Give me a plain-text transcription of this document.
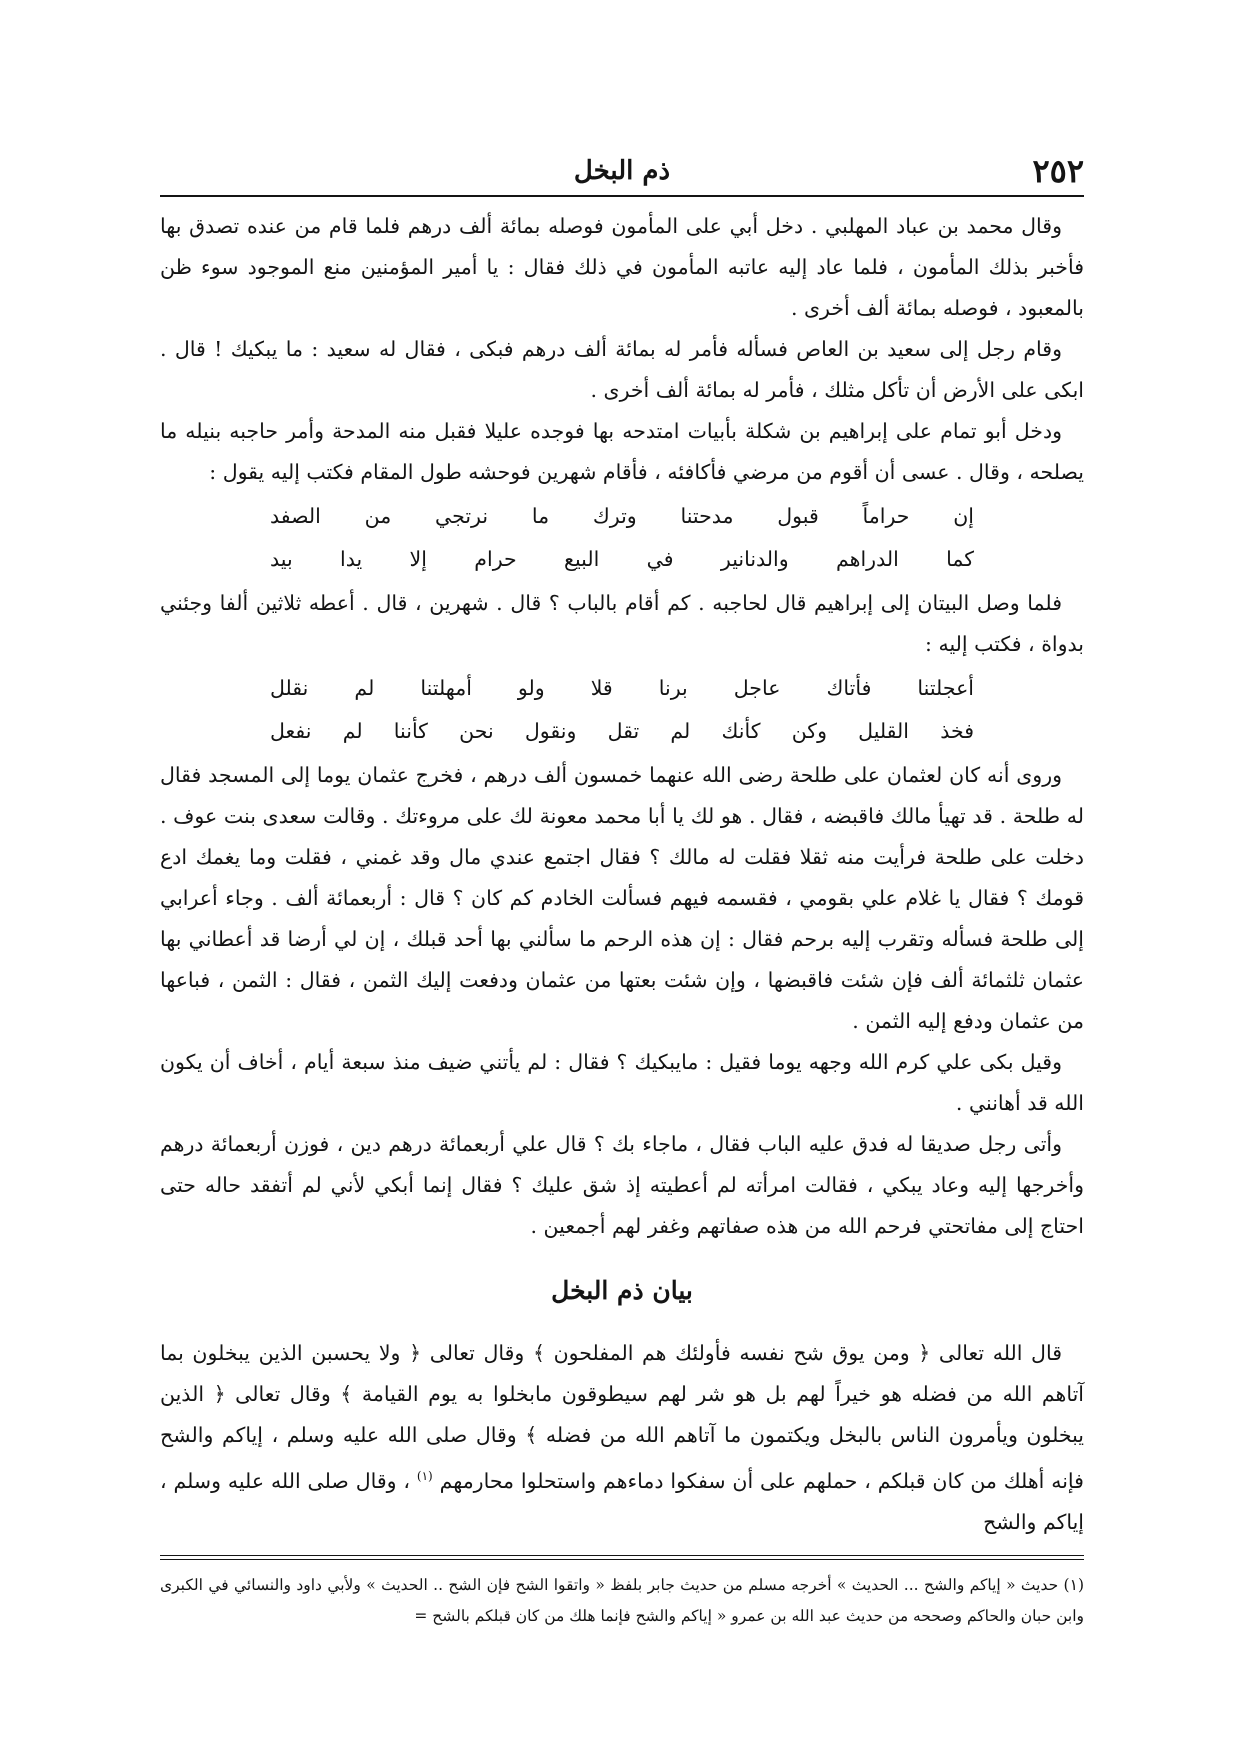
٢٥٢
ذم البخل

وقال محمد بن عباد المهلبي . دخل أبي على المأمون فوصله بمائة ألف درهم فلما قام من عنده تصدق بها فأخبر بذلك المأمون ، فلما عاد إليه عاتبه المأمون في ذلك فقال : يا أمير المؤمنين منع الموجود سوء ظن بالمعبود ، فوصله بمائة ألف أخرى .

وقام رجل إلى سعيد بن العاص فسأله فأمر له بمائة ألف درهم فبكى ، فقال له سعيد : ما يبكيك ! قال . ابكى على الأرض أن تأكل مثلك ، فأمر له بمائة ألف أخرى .

ودخل أبو تمام على إبراهيم بن شكلة بأبيات امتدحه بها فوجده عليلا فقبل منه المدحة وأمر حاجبه بنيله ما يصلحه ، وقال . عسى أن أقوم من مرضي فأكافئه ، فأقام شهرين فوحشه طول المقام فكتب إليه يقول :

إن حراماً قبول مدحتنا وترك ما نرتجي من الصفد

كما الدراهم والدنانير في البيع حرام إلا يدا بيد

فلما وصل البيتان إلى إبراهيم قال لحاجبه . كم أقام بالباب ؟ قال . شهرين ، قال . أعطه ثلاثين ألفا وجئني بدواة ، فكتب إليه :

أعجلتنا فأتاك عاجل برنا قلا ولو أمهلتنا لم نقلل

فخذ القليل وكن كأنك لم تقل ونقول نحن كأننا لم نفعل

وروى أنه كان لعثمان على طلحة رضى الله عنهما خمسون ألف درهم ، فخرج عثمان يوما إلى المسجد فقال له طلحة . قد تهيأ مالك فاقبضه ، فقال . هو لك يا أبا محمد معونة لك على مروءتك . وقالت سعدى بنت عوف . دخلت على طلحة فرأيت منه ثقلا فقلت له مالك ؟ فقال اجتمع عندي مال وقد غمني ، فقلت وما يغمك ادع قومك ؟ فقال يا غلام علي بقومي ، فقسمه فيهم فسألت الخادم كم كان ؟ قال : أربعمائة ألف . وجاء أعرابي إلى طلحة فسأله وتقرب إليه برحم فقال : إن هذه الرحم ما سألني بها أحد قبلك ، إن لي أرضا قد أعطاني بها عثمان ثلثمائة ألف فإن شئت فاقبضها ، وإن شئت بعتها من عثمان ودفعت إليك الثمن ، فقال : الثمن ، فباعها من عثمان ودفع إليه الثمن .

وقيل بكى علي كرم الله وجهه يوما فقيل : مايبكيك ؟ فقال : لم يأتني ضيف منذ سبعة أيام ، أخاف أن يكون الله قد أهانني .

وأتى رجل صديقا له فدق عليه الباب فقال ، ماجاء بك ؟ قال علي أربعمائة درهم دين ، فوزن أربعمائة درهم وأخرجها إليه وعاد يبكي ، فقالت امرأته لم أعطيته إذ شق عليك ؟ فقال إنما أبكي لأني لم أتفقد حاله حتى احتاج إلى مفاتحتي فرحم الله من هذه صفاتهم وغفر لهم أجمعين .

بيان ذم البخل

قال الله تعالى ﴿ ومن يوق شح نفسه فأولئك هم المفلحون ﴾ وقال تعالى ﴿ ولا يحسبن الذين يبخلون بما آتاهم الله من فضله هو خيراً لهم بل هو شر لهم سيطوقون مابخلوا به يوم القيامة ﴾ وقال تعالى ﴿ الذين يبخلون ويأمرون الناس بالبخل ويكتمون ما آتاهم الله من فضله ﴾ وقال صلى الله عليه وسلم ، إياكم والشح فإنه أهلك من كان قبلكم ، حملهم على أن سفكوا دماءهم واستحلوا محارمهم $^{(١)}$ ، وقال صلى الله عليه وسلم ، إياكم والشح

(١) حديث « إياكم والشح ... الحديث » أخرجه مسلم من حديث جابر بلفظ « واتقوا الشح فإن الشح .. الحديث » ولأبي داود والنسائي في الكبرى وابن حبان والحاكم وصححه من حديث عبد الله بن عمرو « إياكم والشح فإنما هلك من كان قبلكم بالشح =
